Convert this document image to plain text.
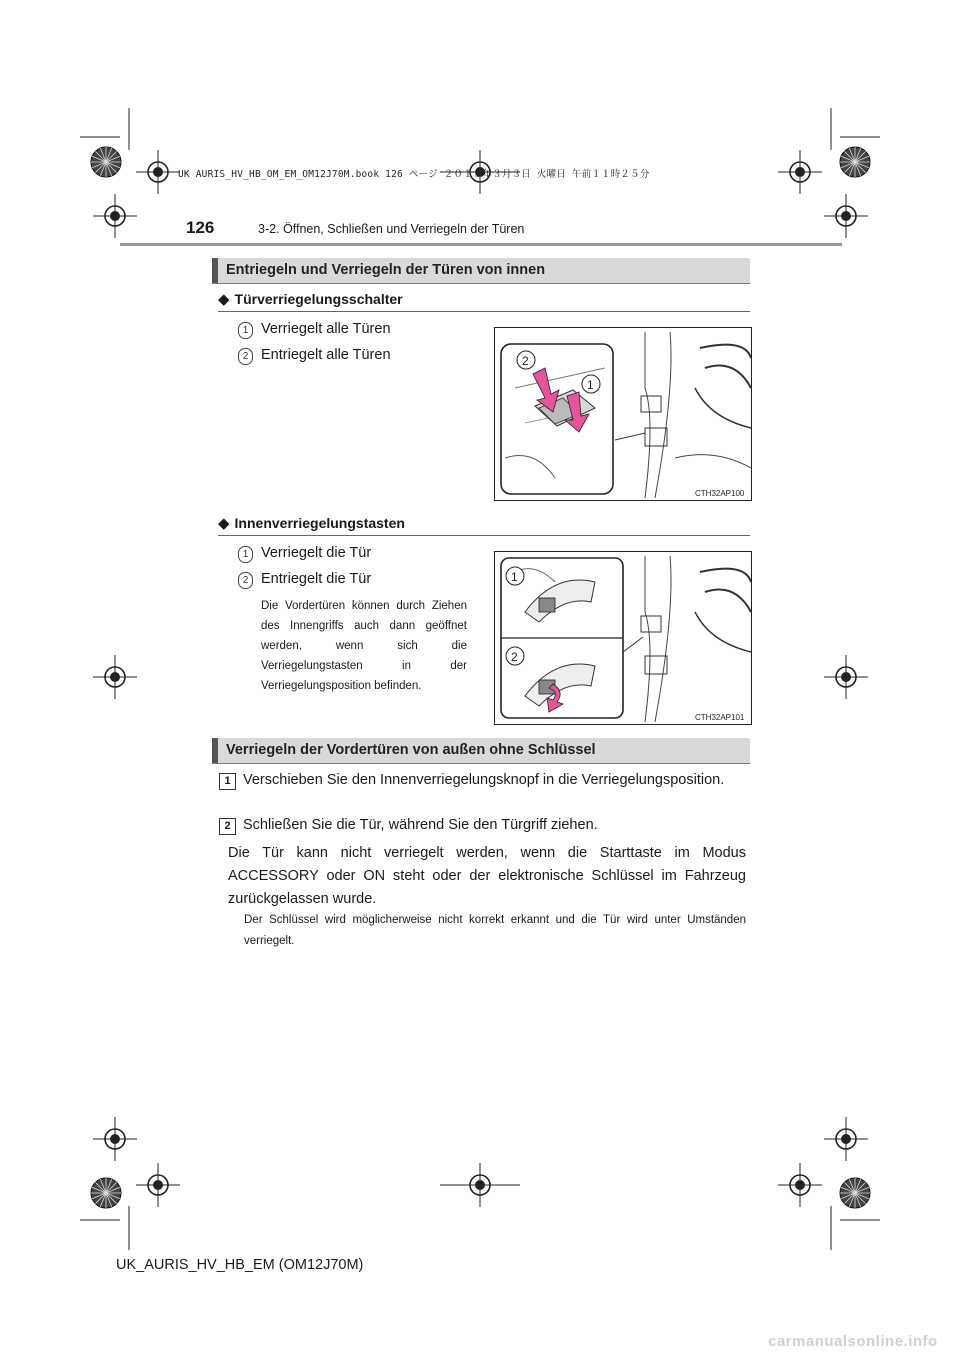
UK AURIS_HV_HB_OM_EM_OM12J70M.book 126 ページ ２０１５年３月３日 火曜日 午前１１時２５分
126	3-2. Öffnen, Schließen und Verriegeln der Türen
Entriegeln und Verriegeln der Türen von innen
◆ Türverriegelungsschalter
1 Verriegelt alle Türen
2 Entriegelt alle Türen	2
1
CTH32AP100
◆ Innenverriegelungstasten
1 Verriegelt die Tür
2 Entriegelt die Tür
Die Vordertüren können durch Ziehen des Innengriffs auch dann geöffnet werden, wenn sich die Verriegelungstasten in der Verriegelungsposition befinden.
1
2
CTH32AP101
Verriegeln der Vordertüren von außen ohne Schlüssel
1 Verschieben Sie den Innenverriegelungsknopf in die Verriegelungsposition.
2 Schließen Sie die Tür, während Sie den Türgriff ziehen.
Die Tür kann nicht verriegelt werden, wenn die Starttaste im Modus ACCESSORY oder ON steht oder der elektronische Schlüssel im Fahrzeug zurückgelassen wurde.
Der Schlüssel wird möglicherweise nicht korrekt erkannt und die Tür wird unter Umständen verriegelt.
UK_AURIS_HV_HB_EM (OM12J70M)
carmanualsonline.info
